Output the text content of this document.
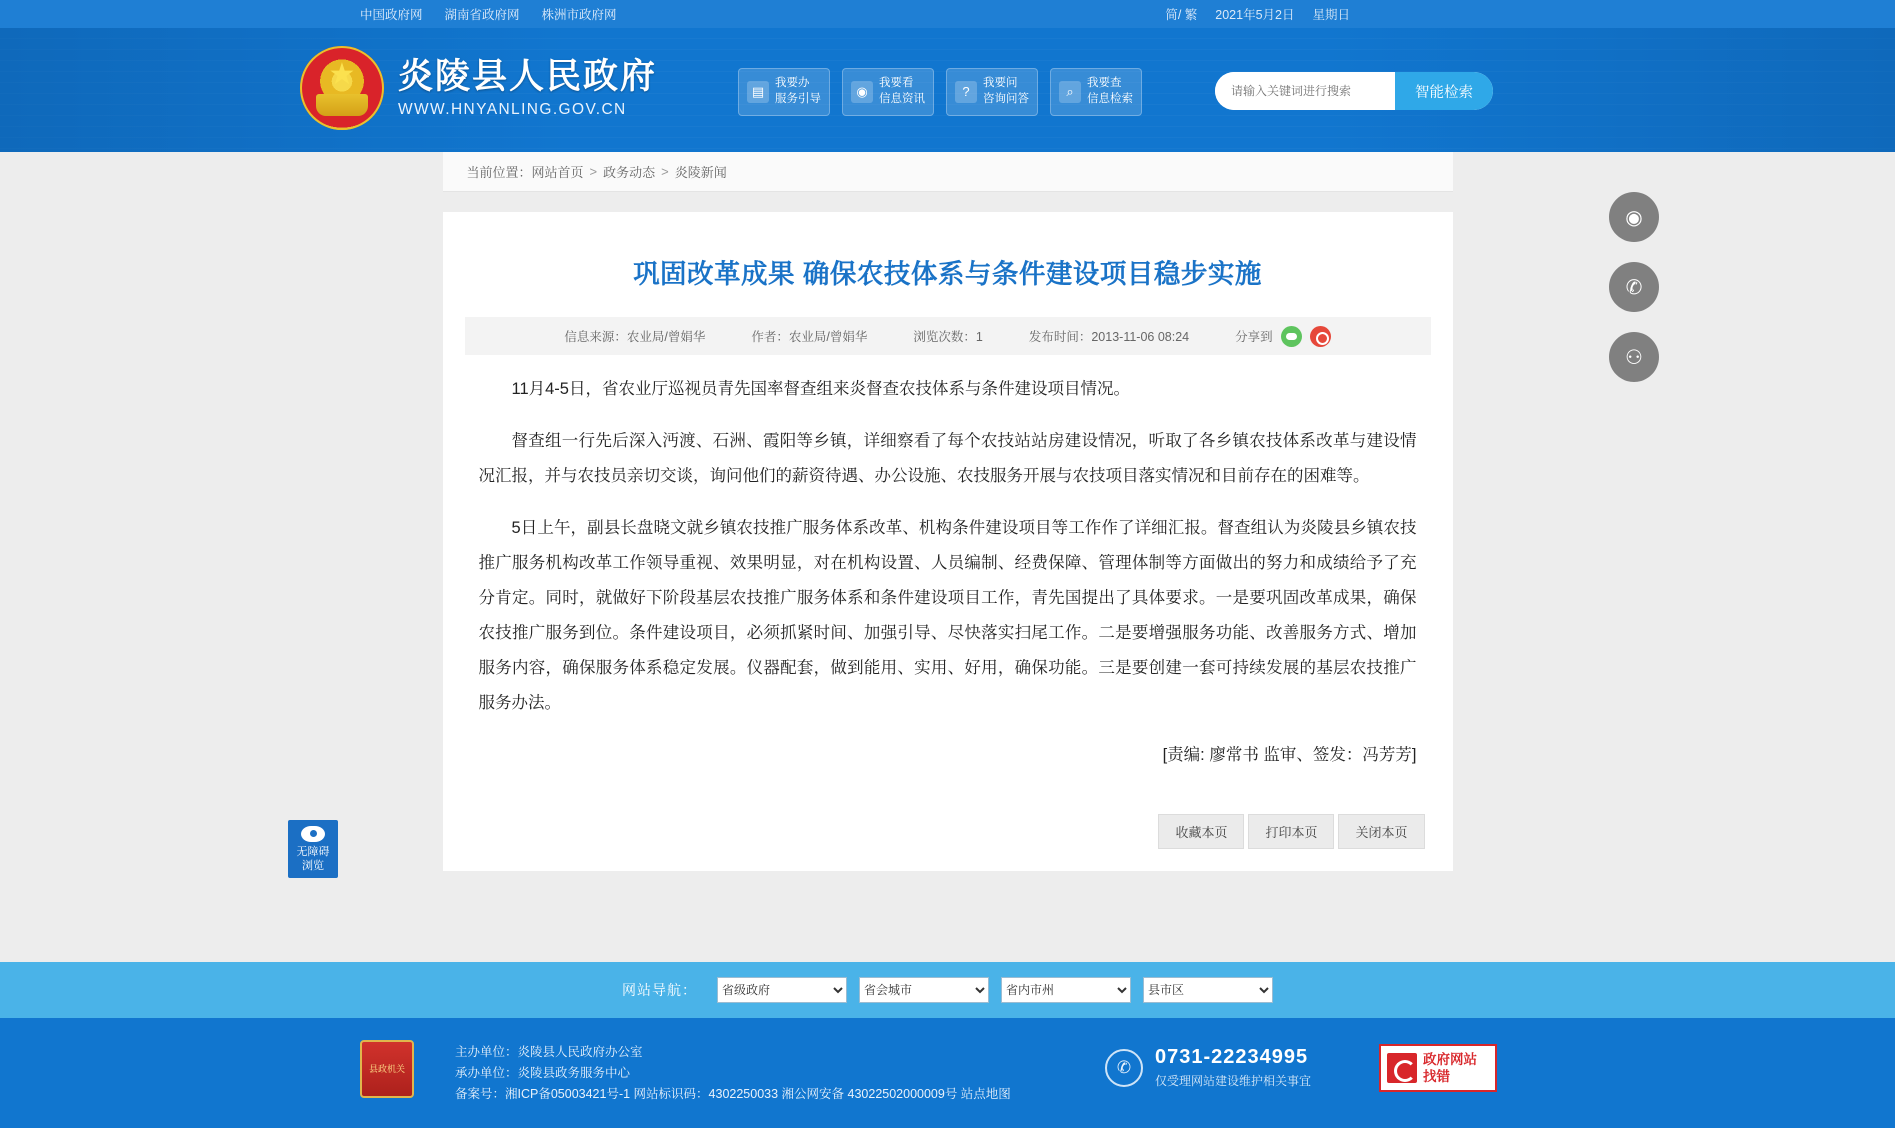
中国政府网 湖南省政府网 株洲市政府网	简/ 繁 2021年5月2日 星期日
★
炎陵县人民政府
WWW.HNYANLING.GOV.CN
▤
我要办
服务引导	◉
我要看
信息资讯	?
我要问
咨询问答	⌕
我要查
信息检索
请输入关键词进行搜索	智能检索
◉
✆
⚇
无障碍
浏览
当前位置： 网站首页 > 政务动态 > 炎陵新闻
巩固改革成果 确保农技体系与条件建设项目稳步实施
信息来源：农业局/曾娟华	作者：农业局/曾娟华	浏览次数：1	发布时间：2013-11-06 08:24	分享到

11月4-5日，省农业厅巡视员青先国率督查组来炎督查农技体系与条件建设项目情况。

督查组一行先后深入沔渡、石洲、霞阳等乡镇，详细察看了每个农技站站房建设情况，听取了各乡镇农技体系改革与建设情况汇报，并与农技员亲切交谈，询问他们的薪资待遇、办公设施、农技服务开展与农技项目落实情况和目前存在的困难等。

5日上午，副县长盘晓文就乡镇农技推广服务体系改革、机构条件建设项目等工作作了详细汇报。督查组认为炎陵县乡镇农技推广服务机构改革工作领导重视、效果明显，对在机构设置、人员编制、经费保障、管理体制等方面做出的努力和成绩给予了充分肯定。同时，就做好下阶段基层农技推广服务体系和条件建设项目工作，青先国提出了具体要求。一是要巩固改革成果，确保农技推广服务到位。条件建设项目，必须抓紧时间、加强引导、尽快落实扫尾工作。二是要增强服务功能、改善服务方式、增加服务内容，确保服务体系稳定发展。仪器配套，做到能用、实用、好用，确保功能。三是要创建一套可持续发展的基层农技推广服务办法。

[责编: 廖常书 监审、签发：冯芳芳]

收藏本页	打印本页	关闭本页
网站导航：
省级政府
省会城市
省内市州
县市区
县政机关
主办单位：炎陵县人民政府办公室
承办单位：炎陵县政务服务中心
备案号：湘ICP备05003421号-1 网站标识码：4302250033 湘公网安备 43022502000009号 站点地图
✆	0731-22234995
仅受理网站建设维护相关事宜
政府网站
找错
